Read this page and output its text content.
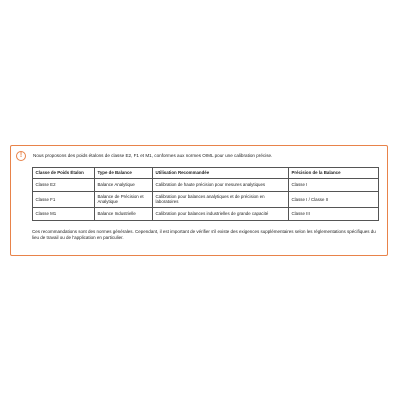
!	Nous proposons des poids étalons de classe E2, F1 et M1, conformes aux normes OIML pour une calibration précise.
Classe de Poids Étalon	Type de Balance	Utilisation Recommandée	Précision de la Balance
Classe E2	Balance Analytique	Calibration de haute précision pour mesures analytiques	Classe I
Classe F1	Balance de Précision et Analytique	Calibration pour balances analytiques et de précision en laboratoires	Classe I / Classe II
Classe M1	Balance Industrielle	Calibration pour balances industrielles de grande capacité	Classe III
Ces recommandations sont des normes générales. Cependant, il est important de vérifier s'il existe des exigences supplémentaires selon les réglementations spécifiques du lieu de travail ou de l'application en particulier.
